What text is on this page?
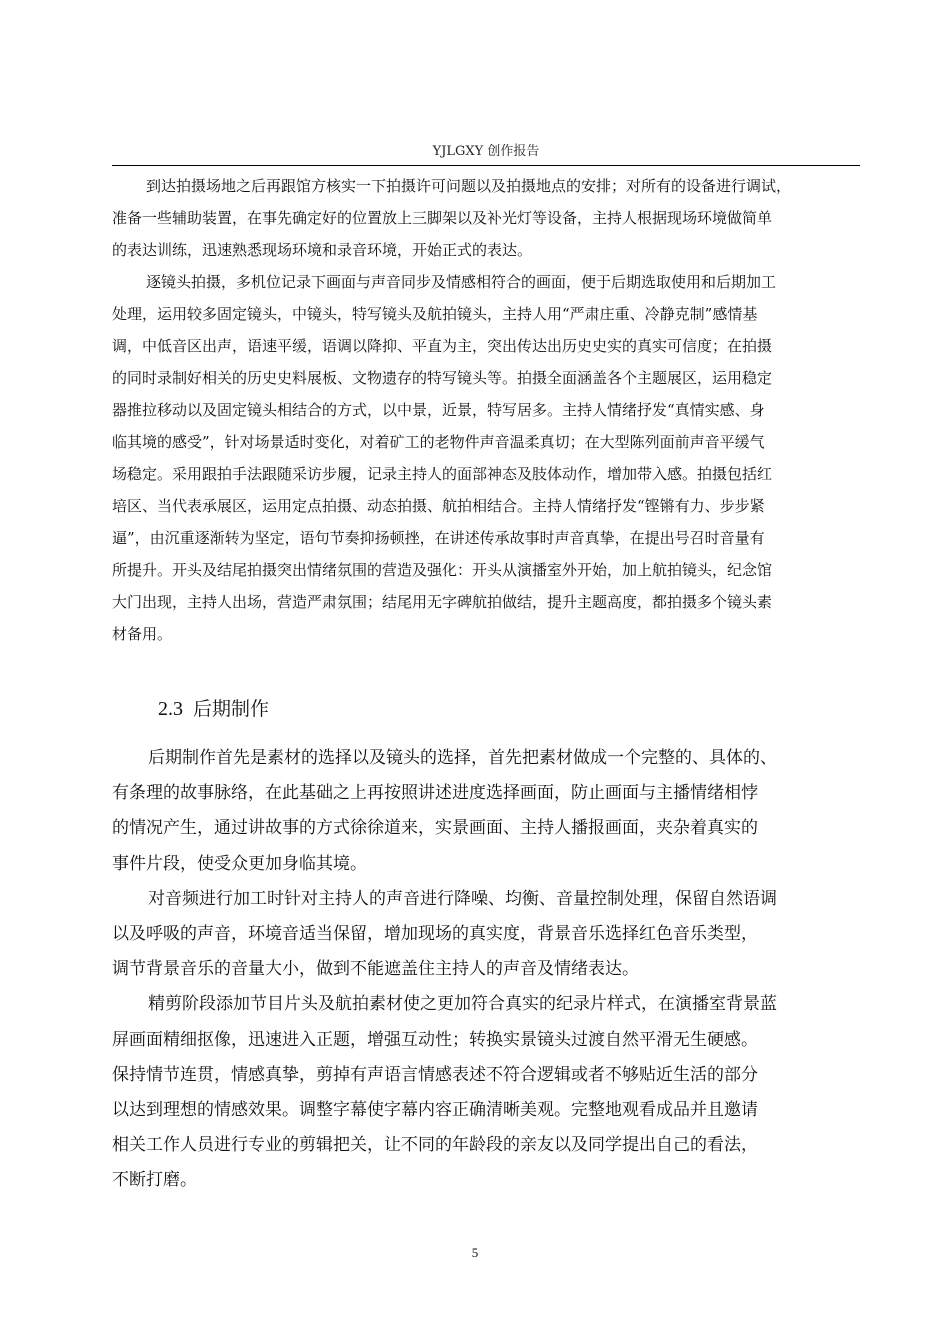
YJLGXY 创作报告
到达拍摄场地之后再跟馆方核实一下拍摄许可问题以及拍摄地点的安排；对所有的设备进行调试，
准备一些辅助装置，在事先确定好的位置放上三脚架以及补光灯等设备，主持人根据现场环境做简单
的表达训练，迅速熟悉现场环境和录音环境，开始正式的表达。
逐镜头拍摄，多机位记录下画面与声音同步及情感相符合的画面，便于后期选取使用和后期加工
处理，运用较多固定镜头，中镜头，特写镜头及航拍镜头，主持人用“严肃庄重、冷静克制”感情基
调，中低音区出声，语速平缓，语调以降抑、平直为主，突出传达出历史史实的真实可信度；在拍摄
的同时录制好相关的历史史料展板、文物遗存的特写镜头等。拍摄全面涵盖各个主题展区，运用稳定
器推拉移动以及固定镜头相结合的方式，以中景，近景，特写居多。主持人情绪抒发“真情实感、身
临其境的感受”，针对场景适时变化，对着矿工的老物件声音温柔真切；在大型陈列面前声音平缓气
场稳定。采用跟拍手法跟随采访步履，记录主持人的面部神态及肢体动作，增加带入感。拍摄包括红
培区、当代表承展区，运用定点拍摄、动态拍摄、航拍相结合。主持人情绪抒发“铿锵有力、步步紧
逼”，由沉重逐渐转为坚定，语句节奏抑扬顿挫，在讲述传承故事时声音真挚，在提出号召时音量有
所提升。开头及结尾拍摄突出情绪氛围的营造及强化：开头从演播室外开始，加上航拍镜头，纪念馆
大门出现，主持人出场，营造严肃氛围；结尾用无字碑航拍做结，提升主题高度，都拍摄多个镜头素
材备用。
2.3 后期制作
后期制作首先是素材的选择以及镜头的选择，首先把素材做成一个完整的、具体的、
有条理的故事脉络，在此基础之上再按照讲述进度选择画面，防止画面与主播情绪相悖
的情况产生，通过讲故事的方式徐徐道来，实景画面、主持人播报画面，夹杂着真实的
事件片段，使受众更加身临其境。
对音频进行加工时针对主持人的声音进行降噪、均衡、音量控制处理，保留自然语调
以及呼吸的声音，环境音适当保留，增加现场的真实度，背景音乐选择红色音乐类型，
调节背景音乐的音量大小，做到不能遮盖住主持人的声音及情绪表达。
精剪阶段添加节目片头及航拍素材使之更加符合真实的纪录片样式，在演播室背景蓝
屏画面精细抠像，迅速进入正题，增强互动性；转换实景镜头过渡自然平滑无生硬感。
保持情节连贯，情感真挚，剪掉有声语言情感表述不符合逻辑或者不够贴近生活的部分
以达到理想的情感效果。调整字幕使字幕内容正确清晰美观。完整地观看成品并且邀请
相关工作人员进行专业的剪辑把关，让不同的年龄段的亲友以及同学提出自己的看法，
不断打磨。
5
